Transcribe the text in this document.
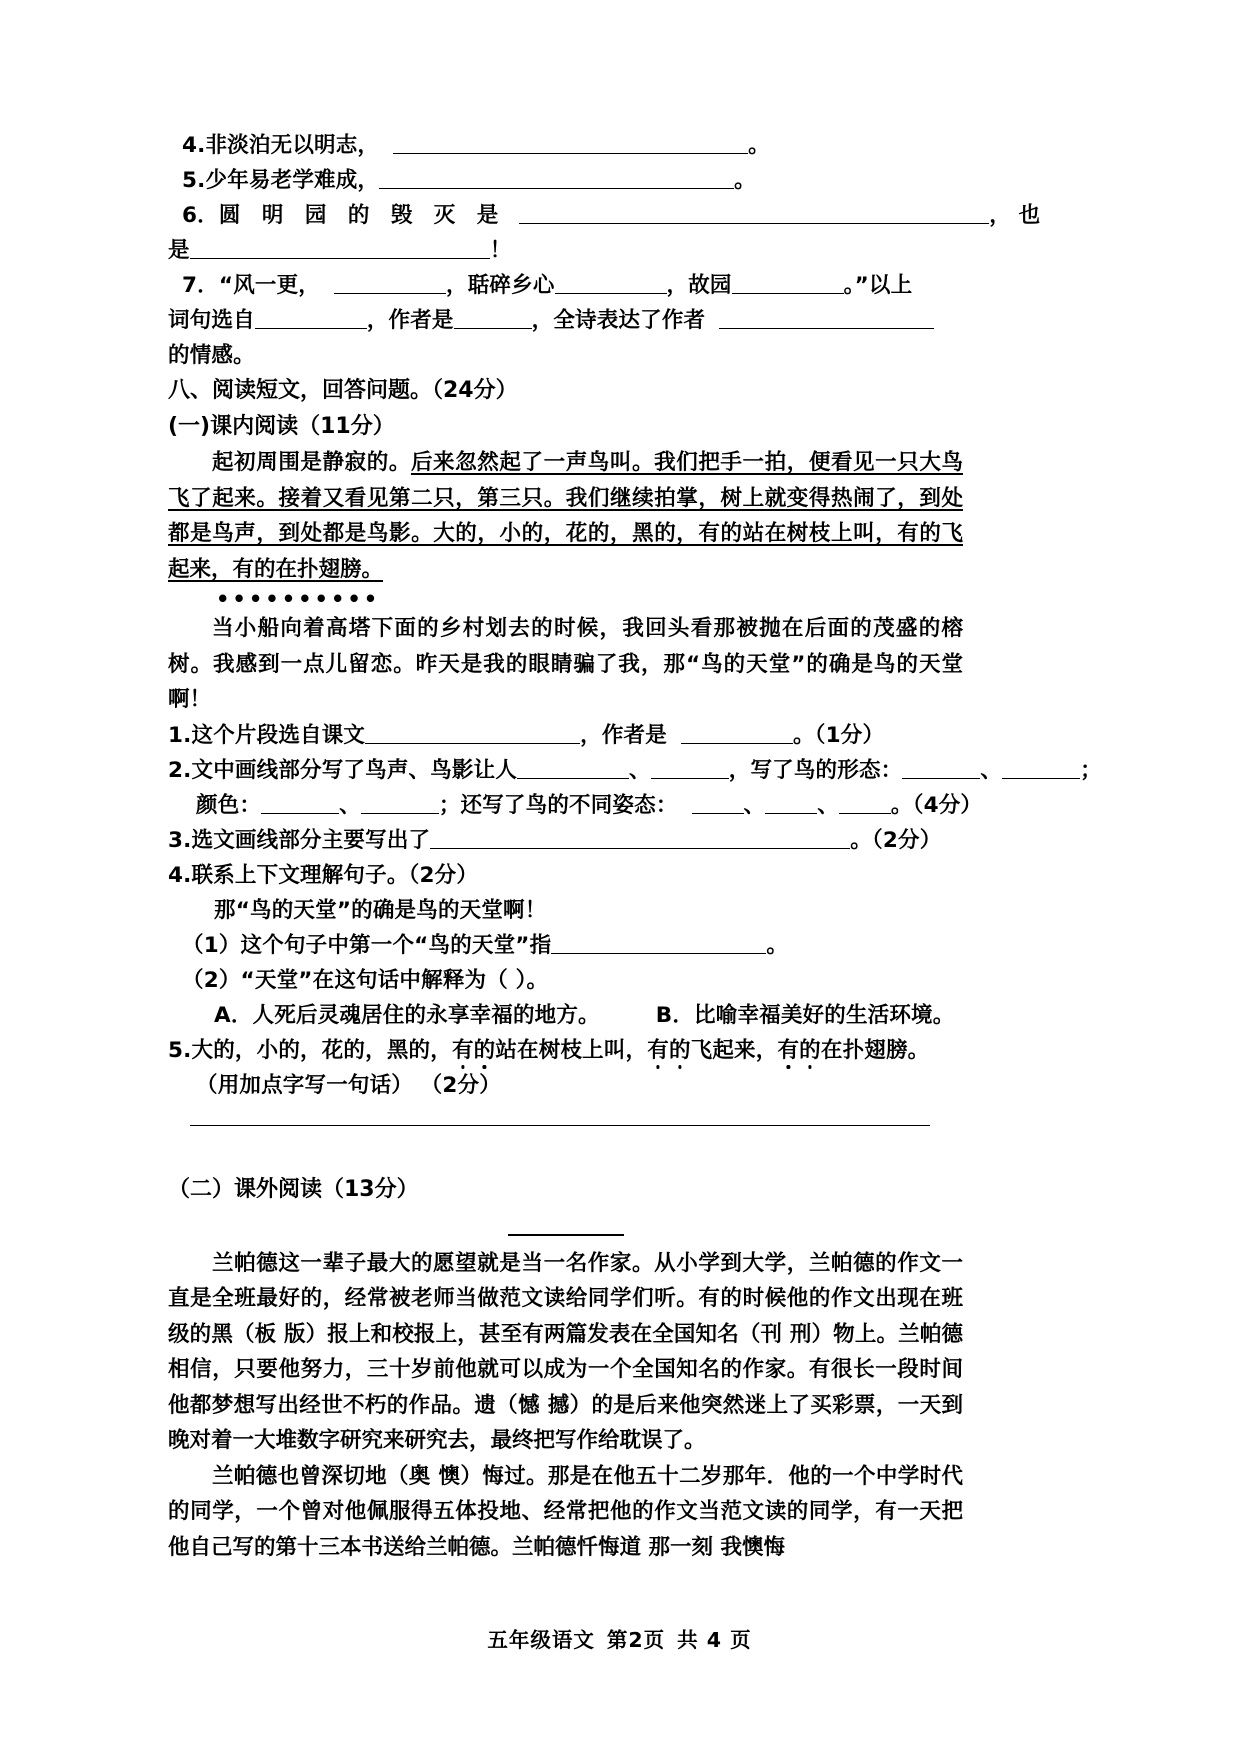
4.非淡泊无以明志，	。
5.少年易老学难成，	。
6．圆 明 园 的 毁 灭 是	， 也
是	！
7．“风一更，	，聒碎乡心	，故园	。”以上
词句选自	，作者是	，全诗表达了作者
的情感。
八、阅读短文，回答问题。（24分）
(一)课内阅读（11分）
起初周围是静寂的。后来忽然起了一声鸟叫。我们把手一拍，便看见一只大鸟飞了起来。接着又看见第二只，第三只。我们继续拍掌，树上就变得热闹了，到处都是鸟声，到处都是鸟影。大的，小的，花的，黑的，有的站在树枝上叫，有的飞起来，有的在扑翅膀。
••••••••••
当小船向着高塔下面的乡村划去的时候，我回头看那被抛在后面的茂盛的榕树。我感到一点儿留恋。昨天是我的眼睛骗了我，那“鸟的天堂”的确是鸟的天堂啊！
1.这个片段选自课文	，作者是	。（1分）
2.文中画线部分写了鸟声、鸟影让人	、	，写了鸟的形态：	、	；
颜色：	、	；还写了鸟的不同姿态：	、 、 。（4分）
3.选文画线部分主要写出了	。（2分）
4.联系上下文理解句子。（2分）
那“鸟的天堂”的确是鸟的天堂啊！
（1）这个句子中第一个“鸟的天堂”指	。
（2）“天堂”在这句话中解释为（ ）。
A．人死后灵魂居住的永享幸福的地方。	B．比喻幸福美好的生活环境。
5.大的，小的，花的，黑的，有的站在树枝上叫，有的飞起来，有的在扑翅膀。
（用加点字写一句话） （2分）
（二）课外阅读（13分）
兰帕德这一辈子最大的愿望就是当一名作家。从小学到大学，兰帕德的作文一直是全班最好的，经常被老师当做范文读给同学们听。有的时候他的作文出现在班级的黑（板 版）报上和校报上，甚至有两篇发表在全国知名（刊 刑）物上。兰帕德相信，只要他努力，三十岁前他就可以成为一个全国知名的作家。有很长一段时间他都梦想写出经世不朽的作品。遗（憾 撼）的是后来他突然迷上了买彩票，一天到晚对着一大堆数字研究来研究去，最终把写作给耽误了。
兰帕德也曾深切地（奥 懊）悔过。那是在他五十二岁那年．他的一个中学时代的同学，一个曾对他佩服得五体投地、经常把他的作文当范文读的同学，有一天把他自己写的第十三本书送给兰帕德。兰帕德忏悔道 那一刻 我懊悔
五年级语文 第2页 共 4 页
